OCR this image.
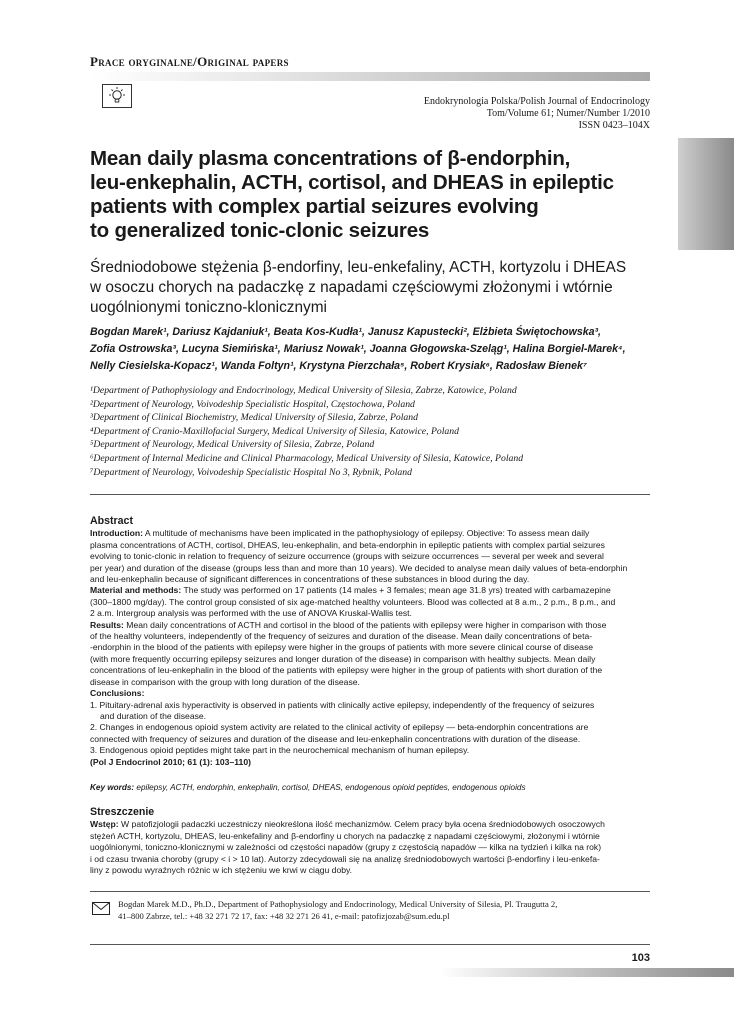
Prace oryginalne/Original papers
Endokrynologia Polska/Polish Journal of Endocrinology
Tom/Volume 61; Numer/Number 1/2010
ISSN 0423–104X
Mean daily plasma concentrations of β-endorphin,
leu-enkephalin, ACTH, cortisol, and DHEAS in epileptic
patients with complex partial seizures evolving
to generalized tonic-clonic seizures
Średniodobowe stężenia β-endorfiny, leu-enkefaliny, ACTH, kortyzolu i DHEAS
w osoczu chorych na padaczkę z napadami częściowymi złożonymi i wtórnie
uogólnionymi toniczno-klonicznymi
Bogdan Marek¹, Dariusz Kajdaniuk¹, Beata Kos-Kudła¹, Janusz Kapustecki², Elżbieta Świętochowska³,
Zofia Ostrowska³, Lucyna Siemińska¹, Mariusz Nowak¹, Joanna Głogowska-Szeląg¹, Halina Borgiel-Marek⁴,
Nelly Ciesielska-Kopacz¹, Wanda Foltyn¹, Krystyna Pierzchała⁵, Robert Krysiak⁶, Radosław Bienek⁷
¹Department of Pathophysiology and Endocrinology, Medical University of Silesia, Zabrze, Katowice, Poland
²Department of Neurology, Voivodeship Specialistic Hospital, Częstochowa, Poland
³Department of Clinical Biochemistry, Medical University of Silesia, Zabrze, Poland
⁴Department of Cranio-Maxillofacial Surgery, Medical University of Silesia, Katowice, Poland
⁵Department of Neurology, Medical University of Silesia, Zabrze, Poland
⁶Department of Internal Medicine and Clinical Pharmacology, Medical University of Silesia, Katowice, Poland
⁷Department of Neurology, Voivodeship Specialistic Hospital No 3, Rybnik, Poland
Abstract
Introduction: A multitude of mechanisms have been implicated in the pathophysiology of epilepsy. Objective: To assess mean daily
plasma concentrations of ACTH, cortisol, DHEAS, leu-enkephalin, and beta-endorphin in epileptic patients with complex partial seizures
evolving to tonic-clonic in relation to frequency of seizure occurrence (groups with seizure occurrences — several per week and several
per year) and duration of the disease (groups less than and more than 10 years). We decided to analyse mean daily values of beta-endorphin
and leu-enkephalin because of significant differences in concentrations of these substances in blood during the day.
Material and methods: The study was performed on 17 patients (14 males + 3 females; mean age 31.8 yrs) treated with carbamazepine
(300–1800 mg/day). The control group consisted of six age-matched healthy volunteers. Blood was collected at 8 a.m., 2 p.m., 8 p.m., and
2 a.m. Intergroup analysis was performed with the use of ANOVA Kruskal-Wallis test.
Results: Mean daily concentrations of ACTH and cortisol in the blood of the patients with epilepsy were higher in comparison with those
of the healthy volunteers, independently of the frequency of seizures and duration of the disease. Mean daily concentrations of beta-
-endorphin in the blood of the patients with epilepsy were higher in the groups of patients with more severe clinical course of disease
(with more frequently occurring epilepsy seizures and longer duration of the disease) in comparison with healthy subjects. Mean daily
concentrations of leu-enkephalin in the blood of the patients with epilepsy were higher in the group of patients with short duration of the
disease in comparison with the group with long duration of the disease.
Conclusions:
1. Pituitary-adrenal axis hyperactivity is observed in patients with clinically active epilepsy, independently of the frequency of seizures
and duration of the disease.
2. Changes in endogenous opioid system activity are related to the clinical activity of epilepsy — beta-endorphin concentrations are
connected with frequency of seizures and duration of the disease and leu-enkephalin concentrations with duration of the disease.
3. Endogenous opioid peptides might take part in the neurochemical mechanism of human epilepsy.
(Pol J Endocrinol 2010; 61 (1): 103–110)
Key words: epilepsy, ACTH, endorphin, enkephalin, cortisol, DHEAS, endogenous opioid peptides, endogenous opioids
Streszczenie
Wstęp: W patofizjologii padaczki uczestniczy nieokreślona ilość mechanizmów. Celem pracy była ocena średniodobowych osoczowych
stężeń ACTH, kortyzolu, DHEAS, leu-enkefaliny and β-endorfiny u chorych na padaczkę z napadami częściowymi, złożonymi i wtórnie
uogólnionymi, toniczno-klonicznymi w zależności od częstości napadów (grupy z częstością napadów — kilka na tydzień i kilka na rok)
i od czasu trwania choroby (grupy < i > 10 lat). Autorzy zdecydowali się na analizę średniodobowych wartości β-endorfiny i leu-enkefa-
liny z powodu wyraźnych różnic w ich stężeniu we krwi w ciągu doby.
Bogdan Marek M.D., Ph.D., Department of Pathophysiology and Endocrinology, Medical University of Silesia, Pl. Traugutta 2,
41–800 Zabrze, tel.: +48 32 271 72 17, fax: +48 32 271 26 41, e-mail: patofizjozab@sum.edu.pl
103
